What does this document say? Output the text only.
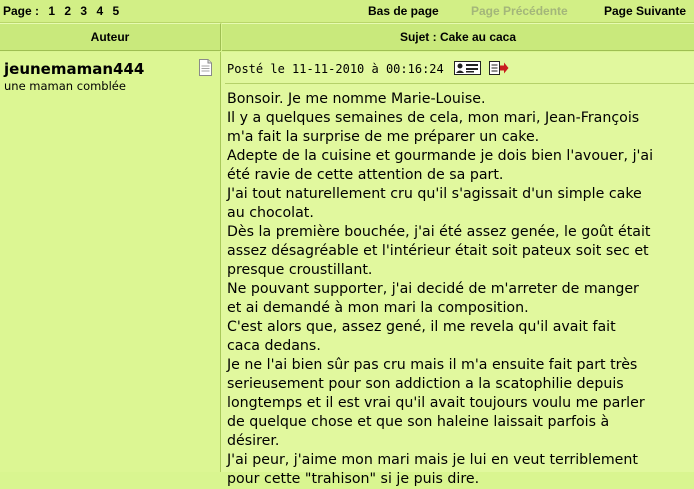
Page : 1 2 3 4 5	Bas de page	Page Précédente	Page Suivante
Auteur	Sujet : Cake au caca
jeunemaman444
une maman comblée
Posté le 11-11-2010 à 00:16:24

Bonsoir. Je me nomme Marie-Louise.
Il y a quelques semaines de cela, mon mari, Jean-François
m'a fait la surprise de me préparer un cake.
Adepte de la cuisine et gourmande je dois bien l'avouer, j'ai
été ravie de cette attention de sa part.
J'ai tout naturellement cru qu'il s'agissait d'un simple cake
au chocolat.
Dès la première bouchée, j'ai été assez genée, le goût était
assez désagréable et l'intérieur était soit pateux soit sec et
presque croustillant.
Ne pouvant supporter, j'ai decidé de m'arreter de manger
et ai demandé à mon mari la composition.
C'est alors que, assez gené, il me revela qu'il avait fait
caca dedans.
Je ne l'ai bien sûr pas cru mais il m'a ensuite fait part très
serieusement pour son addiction a la scatophilie depuis
longtemps et il est vrai qu'il avait toujours voulu me parler
de quelque chose et que son haleine laissait parfois à
désirer.
J'ai peur, j'aime mon mari mais je lui en veut terriblement
pour cette "trahison" si je puis dire.
